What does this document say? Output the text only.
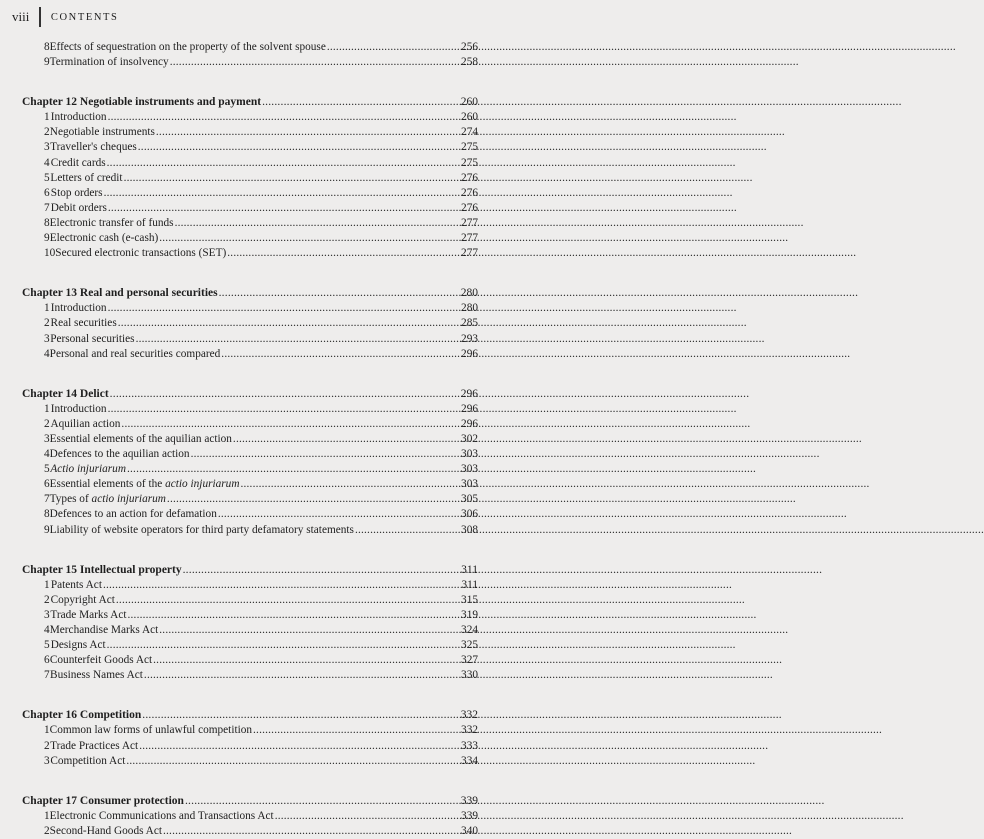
viii CONTENTS
8 Effects of sequestration on the property of the solvent spouse .....	256
9 Termination of insolvency .....	258
Chapter 12 Negotiable instruments and payment .....	260
1 Introduction .....	260
2 Negotiable instruments .....	274
3 Traveller's cheques .....	275
4 Credit cards .....	275
5 Letters of credit .....	276
6 Stop orders .....	276
7 Debit orders .....	276
8 Electronic transfer of funds .....	277
9 Electronic cash (e-cash) .....	277
10 Secured electronic transactions (SET) .....	277
Chapter 13 Real and personal securities .....	280
1 Introduction .....	280
2 Real securities .....	285
3 Personal securities .....	293
4 Personal and real securities compared .....	296
Chapter 14 Delict .....	296
1 Introduction .....	296
2 Aquilian action .....	296
3 Essential elements of the aquilian action .....	302
4 Defences to the aquilian action .....	303
5 Actio injuriarum .....	303
6 Essential elements of the actio injuriarum .....	303
7 Types of actio injuriarum .....	305
8 Defences to an action for defamation .....	306
9 Liability of website operators for third party defamatory statements .....	308
Chapter 15 Intellectual property .....	311
1 Patents Act .....	311
2 Copyright Act .....	315
3 Trade Marks Act .....	319
4 Merchandise Marks Act .....	324
5 Designs Act .....	325
6 Counterfeit Goods Act .....	327
7 Business Names Act .....	330
Chapter 16 Competition .....	332
1 Common law forms of unlawful competition .....	332
2 Trade Practices Act .....	333
3 Competition Act .....	334
Chapter 17 Consumer protection .....	339
1 Electronic Communications and Transactions Act .....	339
2 Second-Hand Goods Act .....	340
